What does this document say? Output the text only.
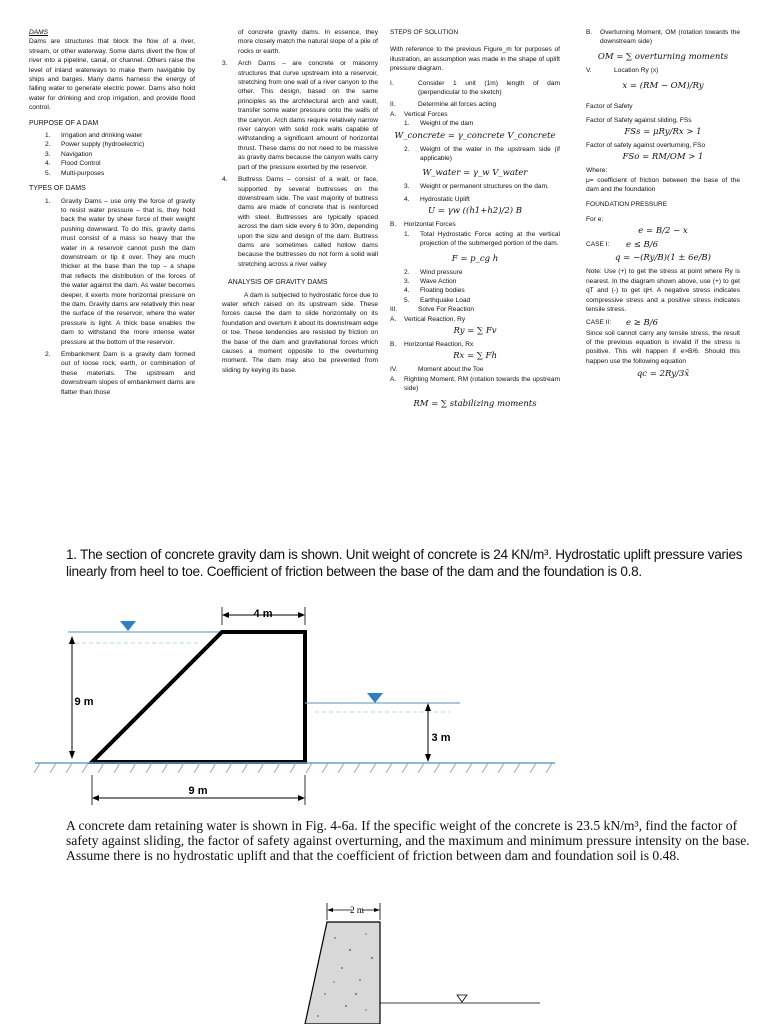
DAMS

Dams are structures that block the flow of a river, stream, or other waterway. Some dams divert the flow of river into a pipeline, canal, or channel. Others raise the level of inland waterways to make them navigable by ships and barges. Many dams harness the energy of falling water to generate electric power. Dams also hold water for drinking and crop irrigation, and provide flood control.

PURPOSE OF A DAM
1. Irrigation and drinking water
2. Power supply (hydroelectric)
3. Navigation
4. Flood Control
5. Multi-purposes
TYPES OF DAMS
1.	Gravity Dams – use only the force of gravity to resist water pressure – that is, they hold back the water by sheer force of their weight pushing downward. To do this, gravity dams must consist of a mass so heavy that the water in a reservoir cannot push the dam downstream or tip it over. They are much thicker at the base than the top – a shape that reflects the distribution of the forces of the water against the dam. As water becomes deeper, it exerts more horizontal pressure on the dam. Gravity dams are relatively thin near the surface of the reservoir, where the water pressure is light. A thick base enables the dam to withstand the more intense water pressure at the bottom of the reservoir.

2.	Embankment Dam is a gravity dam formed out of loose rock, earth, or combination of these materials. The upstream and downstream slopes of embankment dams are flatter than those

of concrete gravity dams. In essence, they more closely match the natural slope of a pile of rocks or earth.

3.	Arch Dams – are concrete or masonry structures that curve upstream into a reservoir, stretching from one wall of a river canyon to the other. This design, based on the same principles as the architectural arch and vault, transfer some water pressure onto the walls of the canyon. Arch dams require relatively narrow river canyon with solid rock walls capable of withstanding a significant amount of horizontal thrust. These dams do not need to be massive as gravity dams because the canyon walls carry part of the pressure exerted by the reservoir.

4.	Buttress Dams – consist of a wall, or face, supported by several buttresses on the downstream side. The vast majority of buttress dams are made of concrete that is reinforced with steel. Buttresses are typically spaced across the dam side every 6 to 30m, depending upon the size and design of the dam. Buttress dams are sometimes called hollow dams because the buttresses do not form a solid wall stretching across a river valley

ANALYSIS OF GRAVITY DAMS

A dam is subjected to hydrostatic force due to water which raised on its upstream side. These forces cause the dam to slide horizontally on its foundation and overturn it about its downstream edge or toe. These tendencies are resisted by friction on the base of the dam and gravitational forces which causes a moment opposite to the overturning moment. The dam may also be prevented from sliding by keying its base.

STEPS OF SOLUTION

With reference to the previous Figure_m for purposes of illustration, an assumption was made in the shape of uplift pressure diagram.

I.	Consider 1 unit (1m) length of dam (perpendicular to the sketch)

II.	Determine all forces acting
A.	Vertical Forces
1.	Weight of the dam
W_concrete = γ_concrete V_concrete
2.	Weight of the water in the upstream side (if applicable)

W_water = γ_w V_water
3.	Weight or permanent structures on the dam.

4.	Hydrostatic Uplift
U = γw ((h1+h2)/2) B
B.	Horizontal Forces
1.	Total Hydrostatic Force acting at the vertical projection of the submerged portion of the dam.

F = p_cg h
2.	Wind pressure
3.	Wave Action
4.	Floating bodies
5.	Earthquake Load
III.	Solve For Reaction
A.	Vertical Reaction, Ry
Ry = ∑ Fv
B.	Horizontal Reaction, Rx
Rx = ∑ Fh
IV.	Moment about the Toe
A.	Righting Moment, RM (rotation towards the upstream side)

RM = ∑ stabilizing moments
B.	Overturning Moment, OM (rotation towards the downstream side)

OM = ∑ overturning moments
V.	Location Ry (x)
x = (RM − OM)/Ry
Factor of Safety
Factor of Safety against sliding, FSs
FSs = μRy/Rx > 1
Factor of safety against overturning, FSo
FSo = RM/OM > 1
Where:

μ= coefficient of friction between the base of the dam and the foundation

FOUNDATION PRESSURE
For e:
e = B/2 − x
CASE I:	e ≤ B/6
q = −(Ry/B)(1 ± 6e/B)

Note: Use (+) to get the stress at point where Ry is nearest. In the diagram shown above, use (+) to get qT and (-) to get qH. A negative stress indicates compressive stress and a positive stress indicates tensile stress.

CASE II:	e ≥ B/6

Since soil cannot carry any tensile stress, the result of the previous equation is invalid if the stress is positive. This will happen if e>B/6. Should this happen use the following equation

qc = 2Ry/3x̄
1. The section of concrete gravity dam is shown. Unit weight of concrete is 24 KN/m³. Hydrostatic uplift pressure varies linearly from heel to toe. Coefficient of friction between the base of the dam and the foundation is 0.8.
4 m
9 m
3 m
9 m
A concrete dam retaining water is shown in Fig. 4-6a. If the specific weight of the concrete is 23.5 kN/m³, find the factor of safety against sliding, the factor of safety against overturning, and the maximum and minimum pressure intensity on the base. Assume there is no hydrostatic uplift and that the coefficient of friction between dam and foundation soil is 0.48.
2 m
